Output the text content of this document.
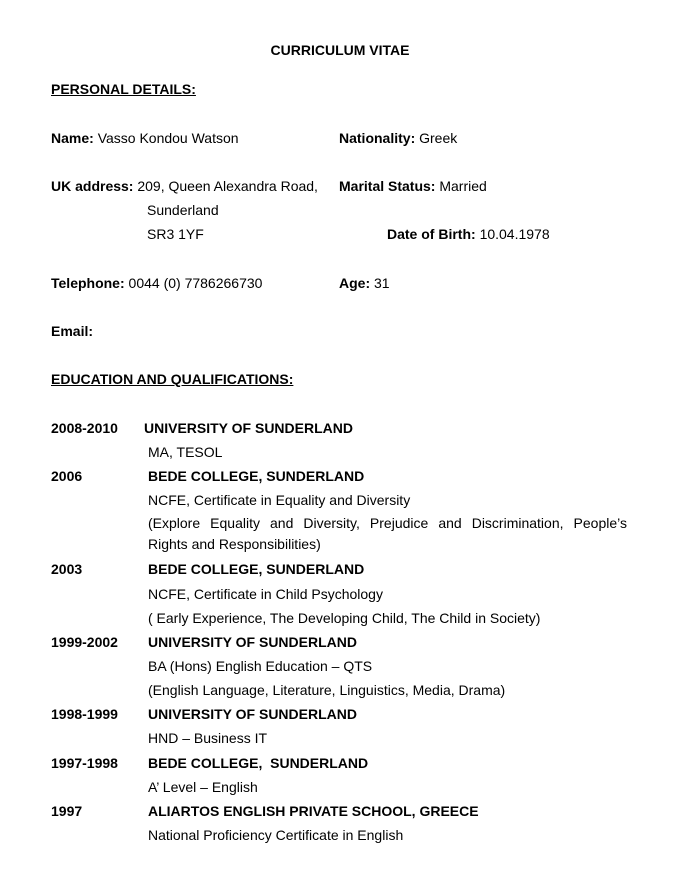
CURRICULUM VITAE
PERSONAL DETAILS:
Name: Vasso Kondou Watson	Nationality: Greek
UK address: 209, Queen Alexandra Road,
Sunderland
SR3 1YF
Marital Status: Married
Date of Birth: 10.04.1978
Telephone: 0044 (0) 7786266730	Age: 31
Email:
EDUCATION AND QUALIFICATIONS:
2008-2010 UNIVERSITY OF SUNDERLAND
MA, TESOL
2006	BEDE COLLEGE, SUNDERLAND
NCFE, Certificate in Equality and Diversity
(Explore Equality and Diversity, Prejudice and Discrimination, People’s Rights and Responsibilities)
2003	BEDE COLLEGE, SUNDERLAND
NCFE, Certificate in Child Psychology
( Early Experience, The Developing Child, The Child in Society)
1999-2002 UNIVERSITY OF SUNDERLAND
BA (Hons) English Education – QTS
(English Language, Literature, Linguistics, Media, Drama)
1998-1999 UNIVERSITY OF SUNDERLAND
HND – Business IT
1997-1998 BEDE COLLEGE,  SUNDERLAND
A’ Level – English
1997	ALIARTOS ENGLISH PRIVATE SCHOOL, GREECE
National Proficiency Certificate in English
